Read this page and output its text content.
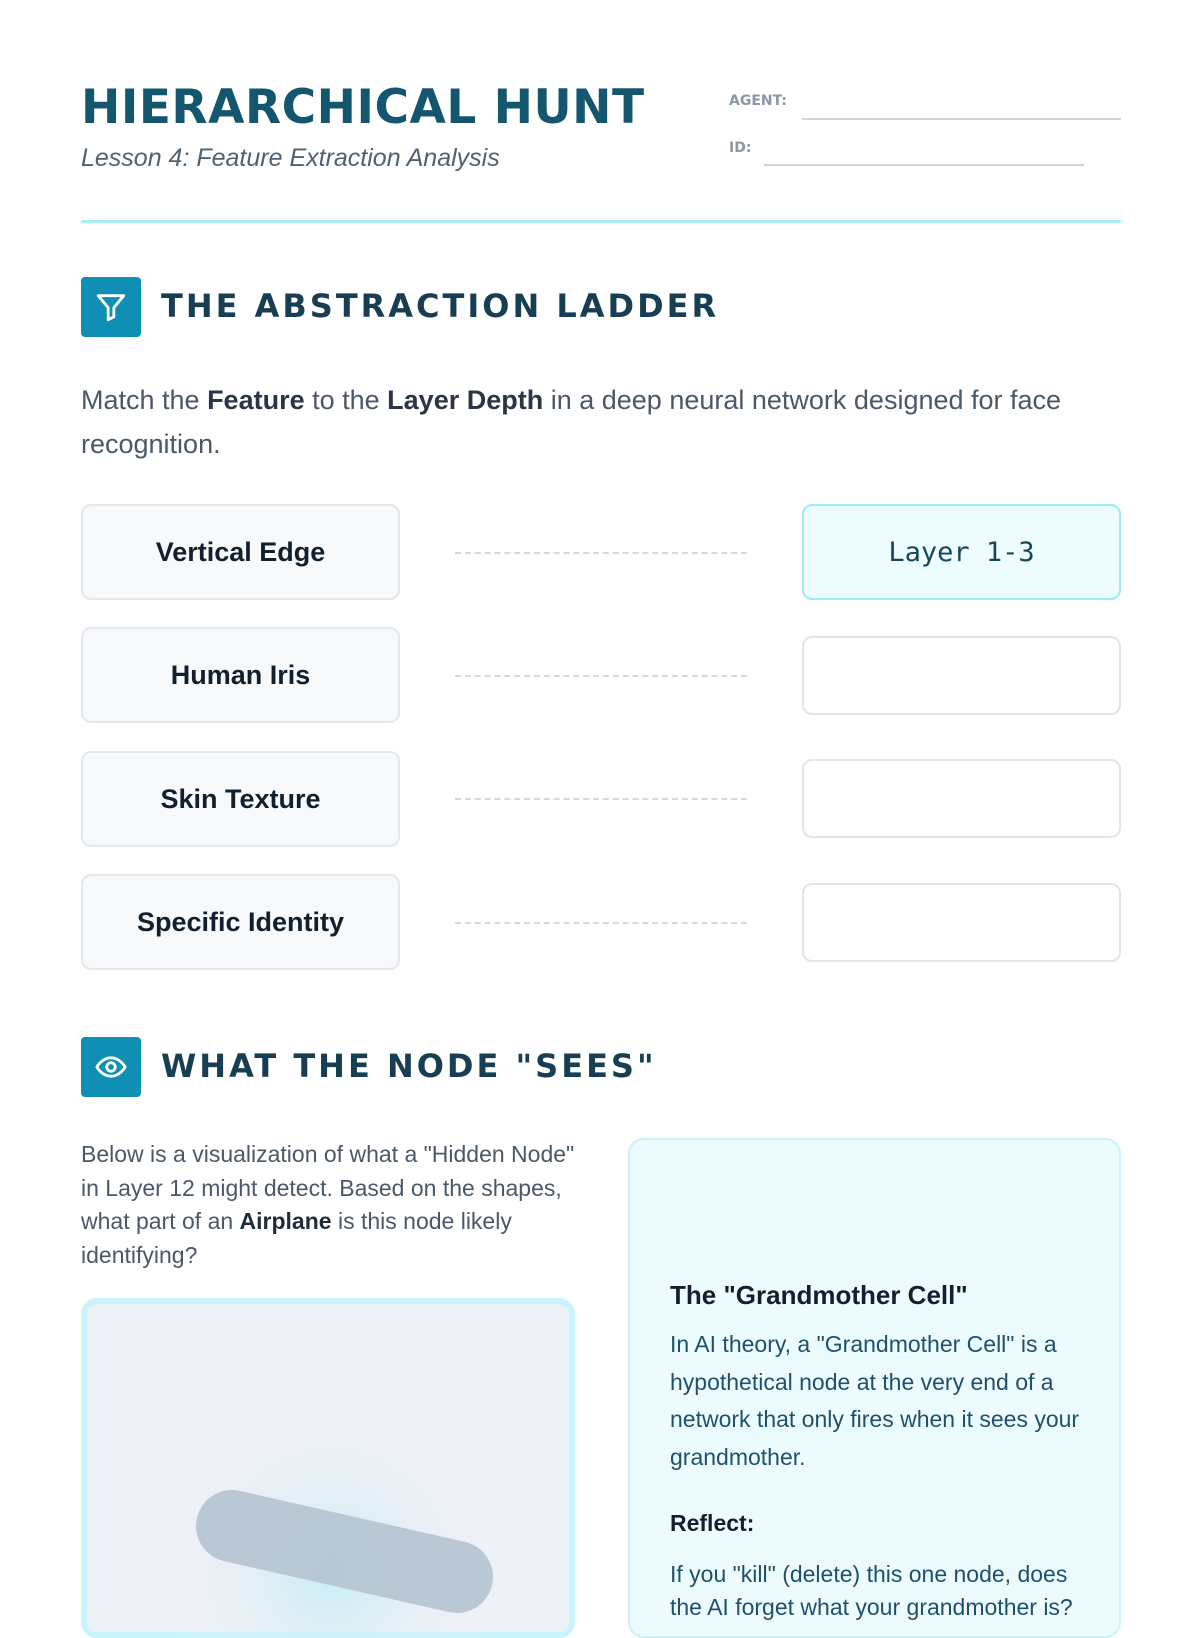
HIERARCHICAL HUNT
Lesson 4: Feature Extraction Analysis
AGENT:
ID:
THE ABSTRACTION LADDER
Match the Feature to the Layer Depth in a deep neural network designed for face recognition.
Vertical Edge	Layer 1-3
Human Iris
Skin Texture
Specific Identity
WHAT THE NODE "SEES"
Below is a visualization of what a "Hidden Node" in Layer 12 might detect. Based on the shapes, what part of an Airplane is this node likely identifying?
The "Grandmother Cell"
In AI theory, a "Grandmother Cell" is a hypothetical node at the very end of a network that only fires when it sees your grandmother.
Reflect:
If you "kill" (delete) this one node, does the AI forget what your grandmother is?
